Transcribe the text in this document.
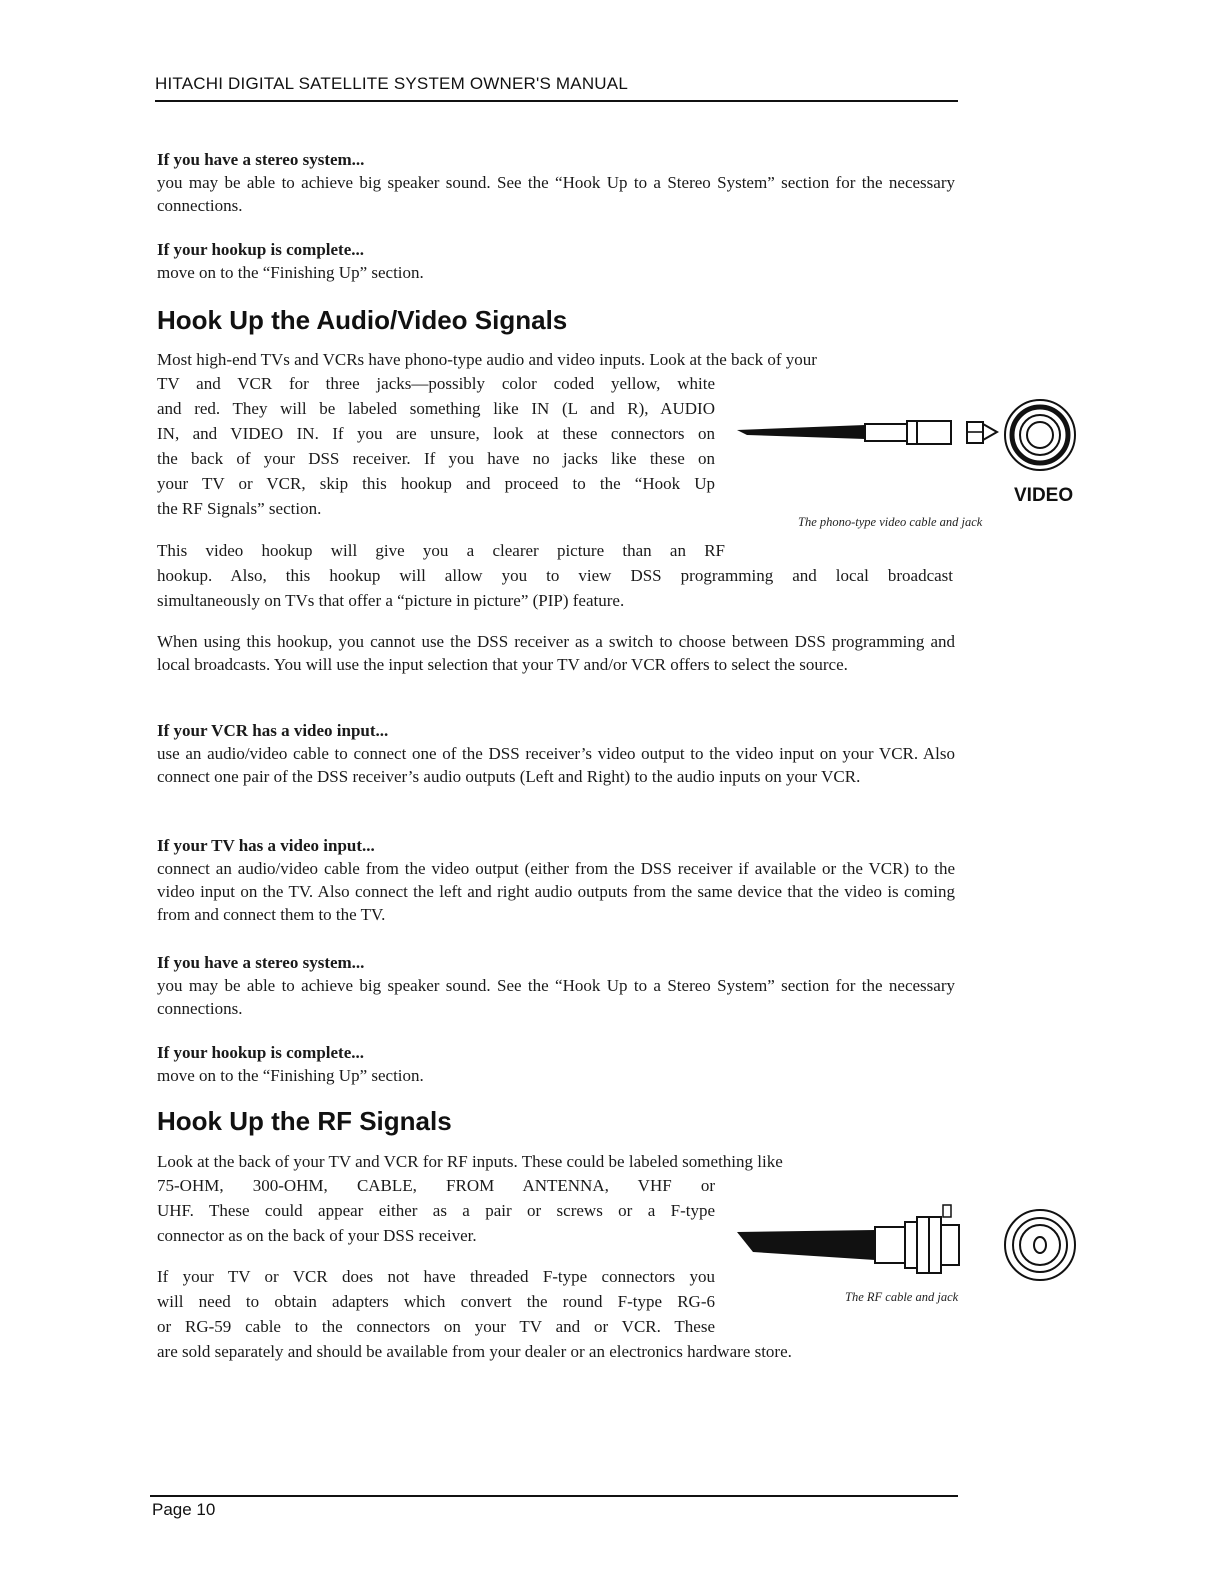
HITACHI DIGITAL SATELLITE SYSTEM OWNER'S MANUAL
If you have a stereo system...
you may be able to achieve big speaker sound. See the “Hook Up to a Stereo System” section for the necessary connections.
If your hookup is complete...
move on to the “Finishing Up” section.
Hook Up the Audio/Video Signals
Most high-end TVs and VCRs have phono-type audio and video inputs. Look at the back of your
TV and VCR for three jacks—possibly color coded yellow, white
and red. They will be labeled something like IN (L and R), AUDIO
IN, and VIDEO IN. If you are unsure, look at these connectors on
the back of your DSS receiver. If you have no jacks like these on
your TV or VCR, skip this hookup and proceed to the “Hook Up
the RF Signals” section.
This video hookup will give you a clearer picture than an RF
hookup. Also, this hookup will allow you to view DSS programming and local broadcast
simultaneously on TVs that offer a “picture in picture” (PIP) feature.
When using this hookup, you cannot use the DSS receiver as a switch to choose between DSS programming and local broadcasts. You will use the input selection that your TV and/or VCR offers to select the source.
If your VCR has a video input...
use an audio/video cable to connect one of the DSS receiver’s video output to the video input on your VCR. Also connect one pair of the DSS receiver’s audio outputs (Left and Right) to the audio inputs on your VCR.
If your TV has a video input...
connect an audio/video cable from the video output (either from the DSS receiver if available or the VCR) to the video input on the TV. Also connect the left and right audio outputs from the same device that the video is coming from and connect them to the TV.
If you have a stereo system...
you may be able to achieve big speaker sound. See the “Hook Up to a Stereo System” section for the necessary connections.
If your hookup is complete...
move on to the “Finishing Up” section.
VIDEO
The phono-type video cable and jack
Hook Up the RF Signals
Look at the back of your TV and VCR for RF inputs. These could be labeled something like
75-OHM, 300-OHM, CABLE, FROM ANTENNA, VHF or
UHF. These could appear either as a pair or screws or a F-type
connector as on the back of your DSS receiver.
If your TV or VCR does not have threaded F-type connectors you
will need to obtain adapters which convert the round F-type RG-6
or RG-59 cable to the connectors on your TV and or VCR. These
are sold separately and should be available from your dealer or an electronics hardware store.
The RF cable and jack
Page 10
